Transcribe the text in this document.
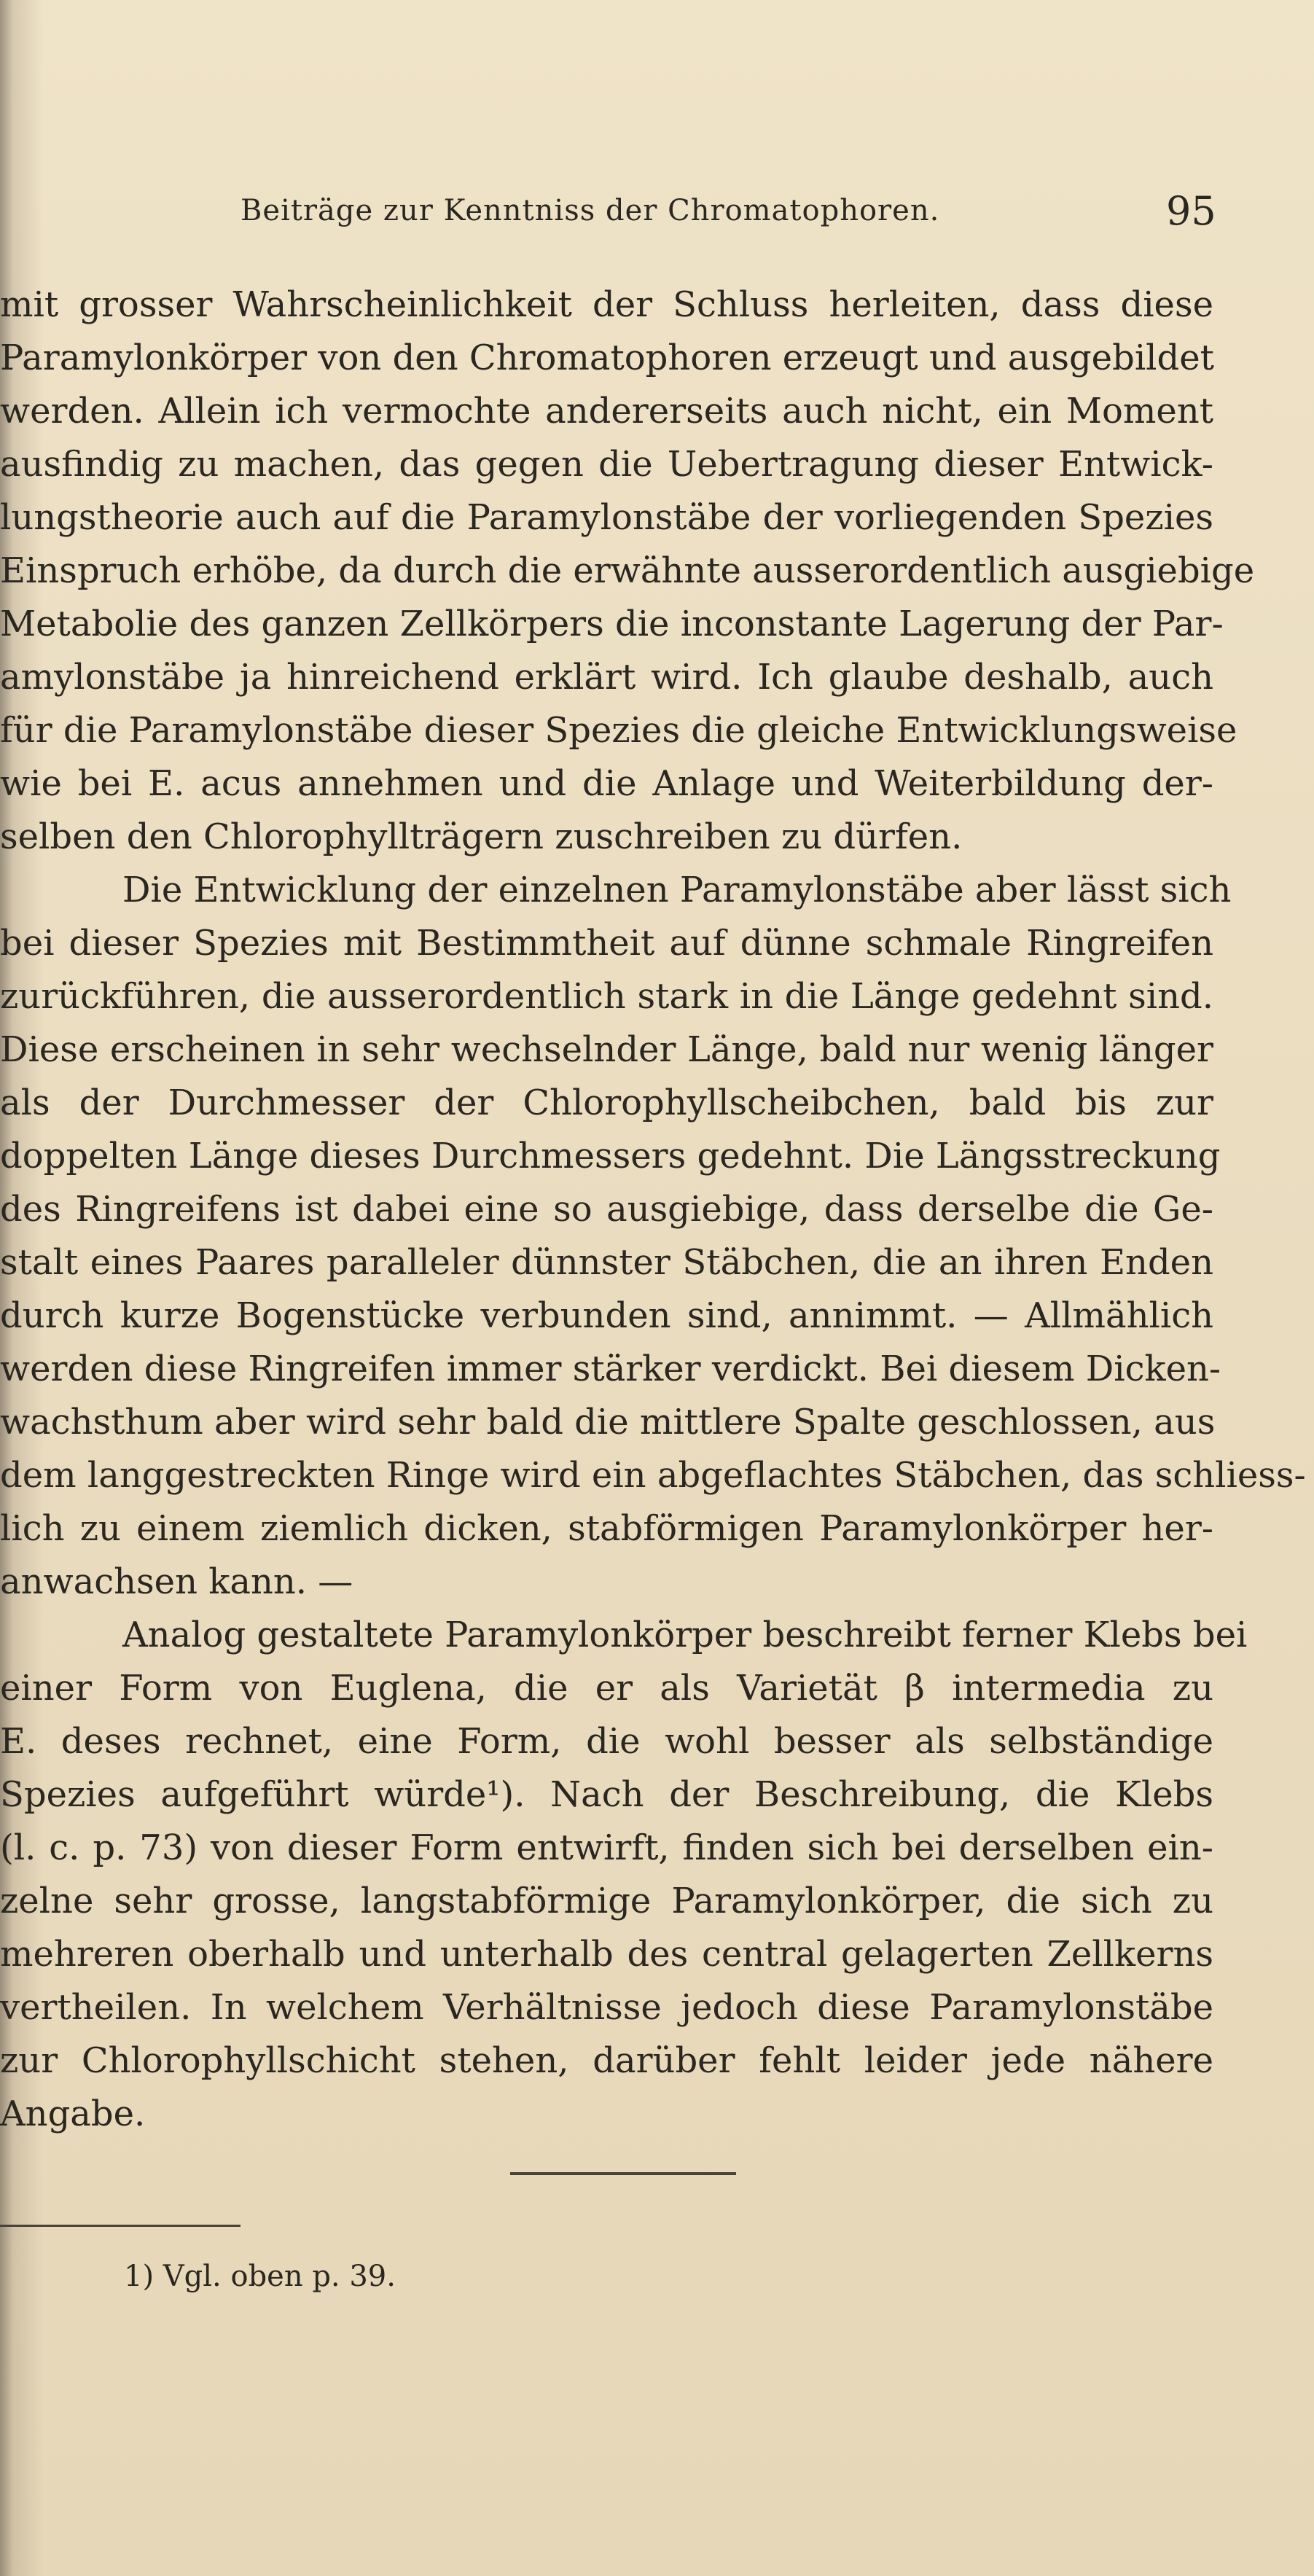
Beiträge zur Kenntniss der Chromatophoren.	95
mit grosser Wahrscheinlichkeit der Schluss herleiten, dass diese
Paramylonkörper von den Chromatophoren erzeugt und ausgebildet
werden. Allein ich vermochte andererseits auch nicht, ein Moment
ausfindig zu machen, das gegen die Uebertragung dieser Entwick-
lungstheorie auch auf die Paramylonstäbe der vorliegenden Spezies
Einspruch erhöbe, da durch die erwähnte ausserordentlich ausgiebige
Metabolie des ganzen Zellkörpers die inconstante Lagerung der Par-
amylonstäbe ja hinreichend erklärt wird. Ich glaube deshalb, auch
für die Paramylonstäbe dieser Spezies die gleiche Entwicklungsweise
wie bei E. acus annehmen und die Anlage und Weiterbildung der-
selben den Chlorophyllträgern zuschreiben zu dürfen.
Die Entwicklung der einzelnen Paramylonstäbe aber lässt sich
bei dieser Spezies mit Bestimmtheit auf dünne schmale Ringreifen
zurückführen, die ausserordentlich stark in die Länge gedehnt sind.
Diese erscheinen in sehr wechselnder Länge, bald nur wenig länger
als der Durchmesser der Chlorophyllscheibchen, bald bis zur
doppelten Länge dieses Durchmessers gedehnt. Die Längsstreckung
des Ringreifens ist dabei eine so ausgiebige, dass derselbe die Ge-
stalt eines Paares paralleler dünnster Stäbchen, die an ihren Enden
durch kurze Bogenstücke verbunden sind, annimmt. — Allmählich
werden diese Ringreifen immer stärker verdickt. Bei diesem Dicken-
wachsthum aber wird sehr bald die mittlere Spalte geschlossen, aus
dem langgestreckten Ringe wird ein abgeflachtes Stäbchen, das schliess-
lich zu einem ziemlich dicken, stabförmigen Paramylonkörper her-
anwachsen kann. —
Analog gestaltete Paramylonkörper beschreibt ferner Klebs bei
einer Form von Euglena, die er als Varietät β intermedia zu
E. deses rechnet, eine Form, die wohl besser als selbständige
Spezies aufgeführt würde¹). Nach der Beschreibung, die Klebs
(l. c. p. 73) von dieser Form entwirft, finden sich bei derselben ein-
zelne sehr grosse, langstabförmige Paramylonkörper, die sich zu
mehreren oberhalb und unterhalb des central gelagerten Zellkerns
vertheilen. In welchem Verhältnisse jedoch diese Paramylonstäbe
zur Chlorophyllschicht stehen, darüber fehlt leider jede nähere
Angabe.
1) Vgl. oben p. 39.
